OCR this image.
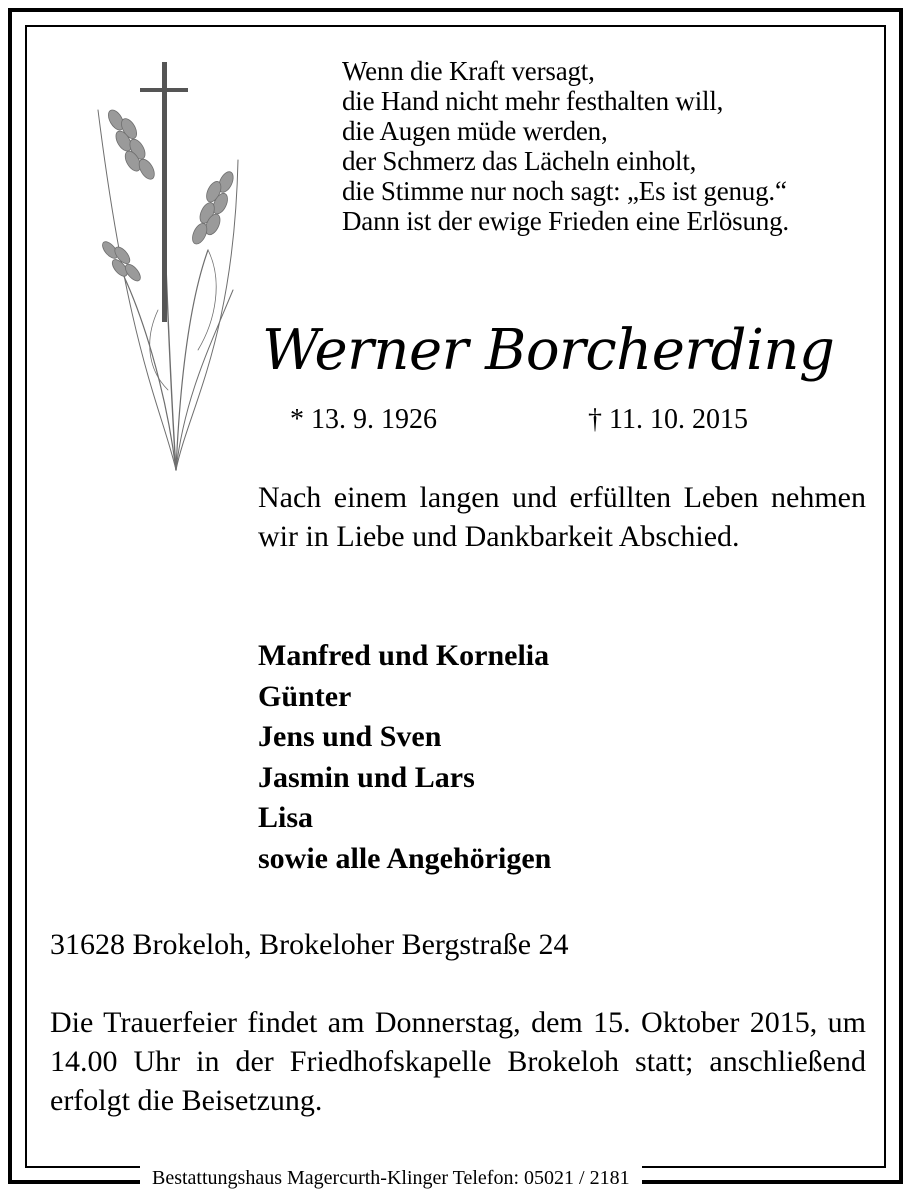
Wenn die Kraft versagt,
die Hand nicht mehr festhalten will,
die Augen müde werden,
der Schmerz das Lächeln einholt,
die Stimme nur noch sagt: „Es ist genug.“
Dann ist der ewige Frieden eine Erlösung.
Werner Borcherding
* 13. 9. 1926	† 11. 10. 2015
Nach einem langen und erfüllten Leben nehmen wir in Liebe und Dankbarkeit Abschied.
Manfred und Kornelia
Günter
Jens und Sven
Jasmin und Lars
Lisa
sowie alle Angehörigen
31628 Brokeloh, Brokeloher Bergstraße 24
Die Trauerfeier findet am Donnerstag, dem 15. Oktober 2015, um 14.00 Uhr in der Friedhofskapelle Brokeloh statt; anschließend erfolgt die Beisetzung.
Bestattungshaus Magercurth-Klinger Telefon: 05021 / 2181
